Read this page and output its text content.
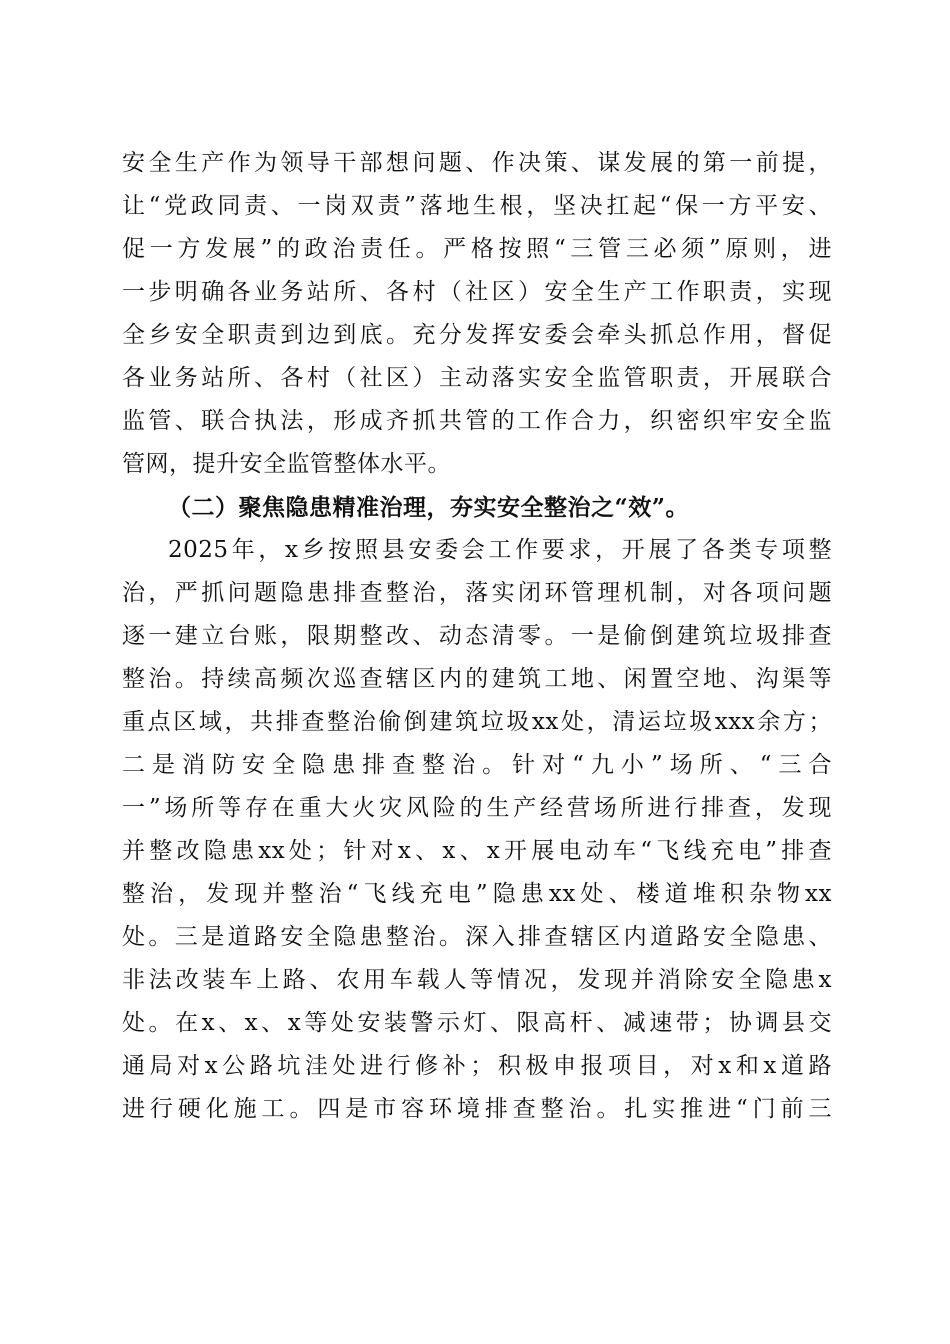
安全生产作为领导干部想问题、作决策、谋发展的第一前提，
让“党政同责、一岗双责”落地生根，坚决扛起“保一方平安、
促一方发展”的政治责任。严格按照“三管三必须”原则，进
一步明确各业务站所、各村（社区）安全生产工作职责，实现
全乡安全职责到边到底。充分发挥安委会牵头抓总作用，督促
各业务站所、各村（社区）主动落实安全监管职责，开展联合
监管、联合执法，形成齐抓共管的工作合力，织密织牢安全监
管网，提升安全监管整体水平。
（二）聚焦隐患精准治理，夯实安全整治之“效”。
2025年，x乡按照县安委会工作要求，开展了各类专项整
治，严抓问题隐患排查整治，落实闭环管理机制，对各项问题
逐一建立台账，限期整改、动态清零。一是偷倒建筑垃圾排查
整治。持续高频次巡查辖区内的建筑工地、闲置空地、沟渠等
重点区域，共排查整治偷倒建筑垃圾xx处，清运垃圾xxx余方；
二是消防安全隐患排查整治。针对“九小”场所、“三合
一”场所等存在重大火灾风险的生产经营场所进行排查，发现
并整改隐患xx处；针对x、x、x开展电动车“飞线充电”排查
整治，发现并整治“飞线充电”隐患xx处、楼道堆积杂物xx
处。三是道路安全隐患整治。深入排查辖区内道路安全隐患、
非法改装车上路、农用车载人等情况，发现并消除安全隐患x
处。在x、x、x等处安装警示灯、限高杆、减速带；协调县交
通局对x公路坑洼处进行修补；积极申报项目，对x和x道路
进行硬化施工。四是市容环境排查整治。扎实推进“门前三
